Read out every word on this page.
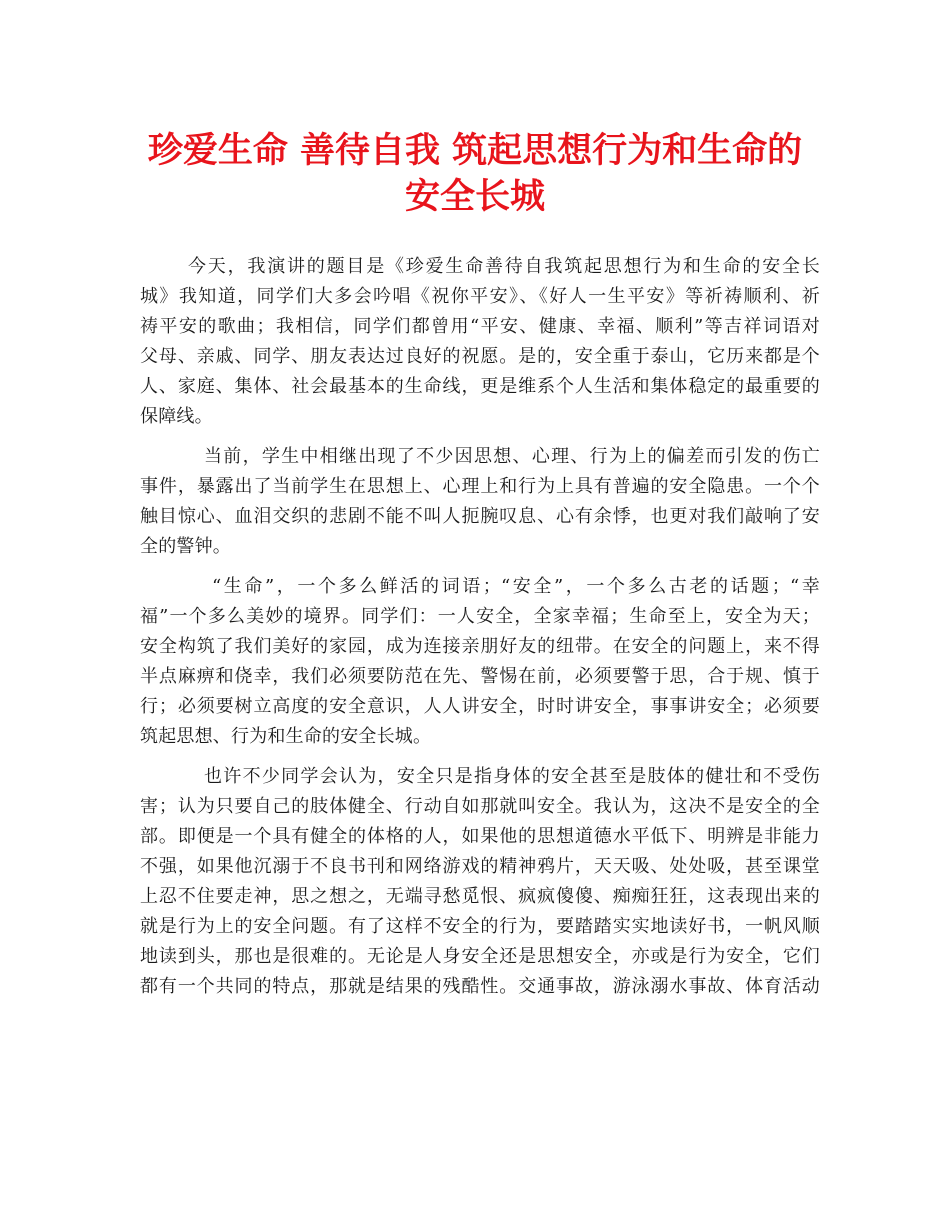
珍爱生命 善待自我 筑起思想行为和生命的
安全长城
今天，我演讲的题目是《珍爱生命善待自我筑起思想行为和生命的安全长
城》我知道，同学们大多会吟唱《祝你平安》、《好人一生平安》等祈祷顺利、祈
祷平安的歌曲；我相信，同学们都曾用“平安、健康、幸福、顺利”等吉祥词语对
父母、亲戚、同学、朋友表达过良好的祝愿。是的，安全重于泰山，它历来都是个
人、家庭、集体、社会最基本的生命线，更是维系个人生活和集体稳定的最重要的
保障线。
当前，学生中相继出现了不少因思想、心理、行为上的偏差而引发的伤亡
事件，暴露出了当前学生在思想上、心理上和行为上具有普遍的安全隐患。一个个
触目惊心、血泪交织的悲剧不能不叫人扼腕叹息、心有余悸，也更对我们敲响了安
全的警钟。
“生命”，一个多么鲜活的词语；“安全”，一个多么古老的话题；“幸
福”一个多么美妙的境界。同学们：一人安全，全家幸福；生命至上，安全为天；
安全构筑了我们美好的家园，成为连接亲朋好友的纽带。在安全的问题上，来不得
半点麻痹和侥幸，我们必须要防范在先、警惕在前，必须要警于思，合于规、慎于
行；必须要树立高度的安全意识，人人讲安全，时时讲安全，事事讲安全；必须要
筑起思想、行为和生命的安全长城。
也许不少同学会认为，安全只是指身体的安全甚至是肢体的健壮和不受伤
害；认为只要自己的肢体健全、行动自如那就叫安全。我认为，这决不是安全的全
部。即便是一个具有健全的体格的人，如果他的思想道德水平低下、明辨是非能力
不强，如果他沉溺于不良书刊和网络游戏的精神鸦片，天天吸、处处吸，甚至课堂
上忍不住要走神，思之想之，无端寻愁觅恨、疯疯傻傻、痴痴狂狂，这表现出来的
就是行为上的安全问题。有了这样不安全的行为，要踏踏实实地读好书，一帆风顺
地读到头，那也是很难的。无论是人身安全还是思想安全，亦或是行为安全，它们
都有一个共同的特点，那就是结果的残酷性。交通事故，游泳溺水事故、体育活动
